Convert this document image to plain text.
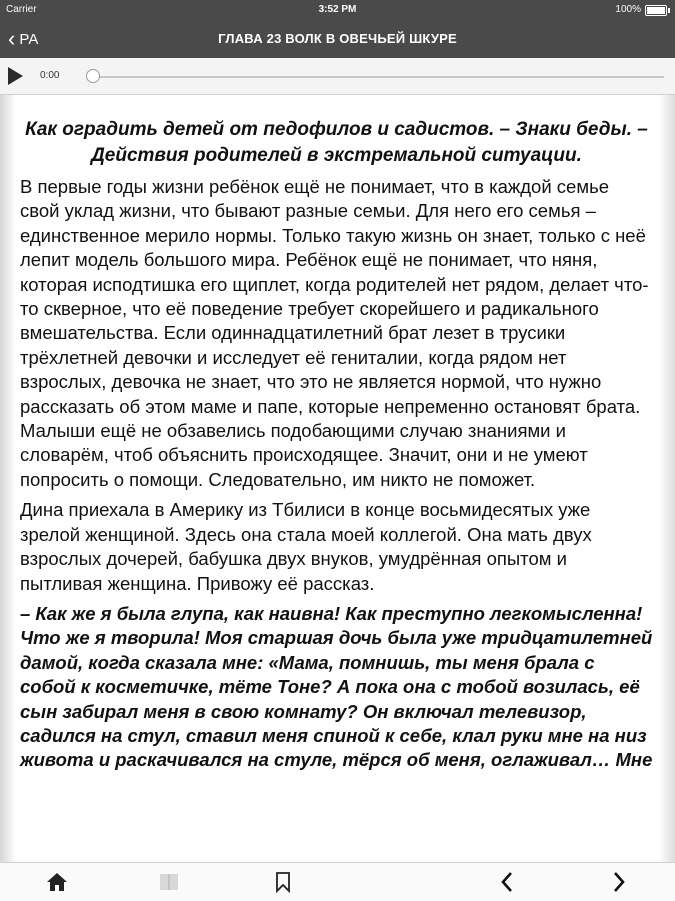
Carrier	3:52 PM	100%
‹ РА	ГЛАВА 23 ВОЛК В ОВЕЧЬЕЙ ШКУРЕ
0:00

Как оградить детей от педофилов и садистов. – Знаки беды. – Действия родителей в экстремальной ситуации.

В первые годы жизни ребёнок ещё не понимает, что в каждой семье свой уклад жизни, что бывают разные семьи. Для него его семья – единственное мерило нормы. Только такую жизнь он знает, только с неё лепит модель большого мира. Ребёнок ещё не понимает, что няня, которая исподтишка его щиплет, когда родителей нет рядом, делает что-то скверное, что её поведение требует скорейшего и радикального вмешательства. Если одиннадцатилетний брат лезет в трусики трёхлетней девочки и исследует её гениталии, когда рядом нет взрослых, девочка не знает, что это не является нормой, что нужно рассказать об этом маме и папе, которые непременно остановят брата. Малыши ещё не обзавелись подобающими случаю знаниями и словарём, чтоб объяснить происходящее. Значит, они и не умеют попросить о помощи. Следовательно, им никто не поможет.

Дина приехала в Америку из Тбилиси в конце восьмидесятых уже зрелой женщиной. Здесь она стала моей коллегой. Она мать двух взрослых дочерей, бабушка двух внуков, умудрённая опытом и пытливая женщина. Привожу её рассказ.

– Как же я была глупа, как наивна! Как преступно легкомысленна! Что же я творила! Моя старшая дочь была уже тридцатилетней дамой, когда сказала мне: «Мама, помнишь, ты меня брала с собой к косметичке, тёте Тоне? А пока она с тобой возилась, её сын забирал меня в свою комнату? Он включал телевизор, садился на стул, ставил меня спиной к себе, клал руки мне на низ живота и раскачивался на стуле, тёрся об меня, оглаживал… Мне
